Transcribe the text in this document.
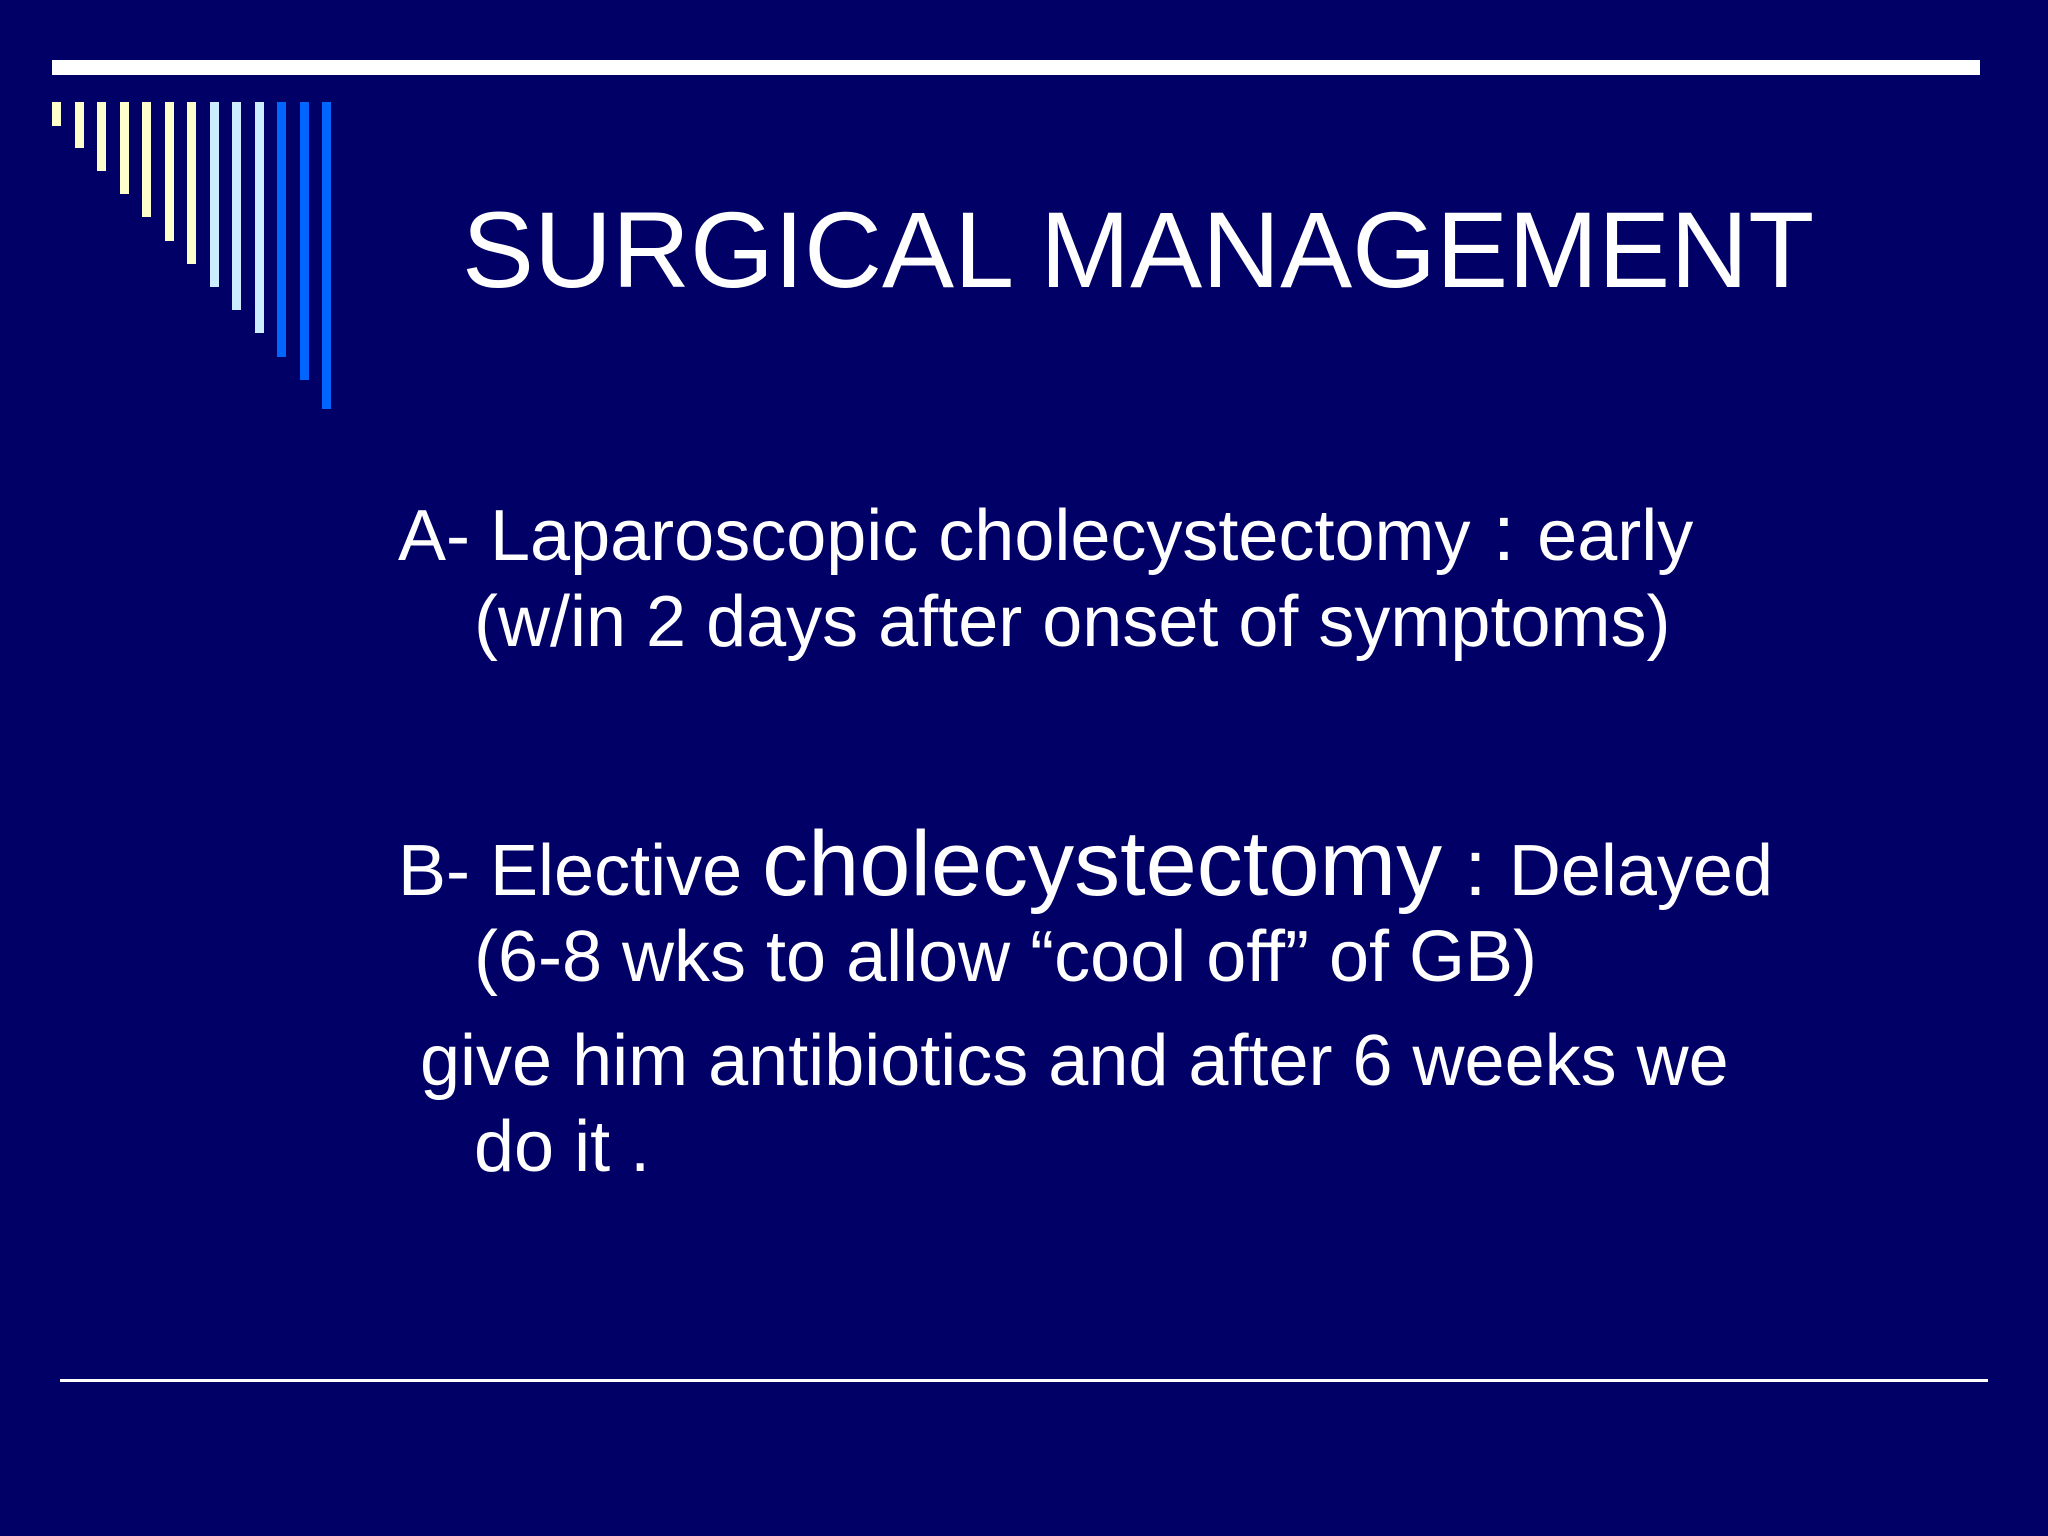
SURGICAL MANAGEMENT
A- Laparoscopic cholecystectomy : early
(w/in 2 days after onset of symptoms)
B- Elective cholecystectomy : Delayed
(6-8 wks to allow “cool off” of GB)
give him antibiotics and after 6 weeks we
do it .
